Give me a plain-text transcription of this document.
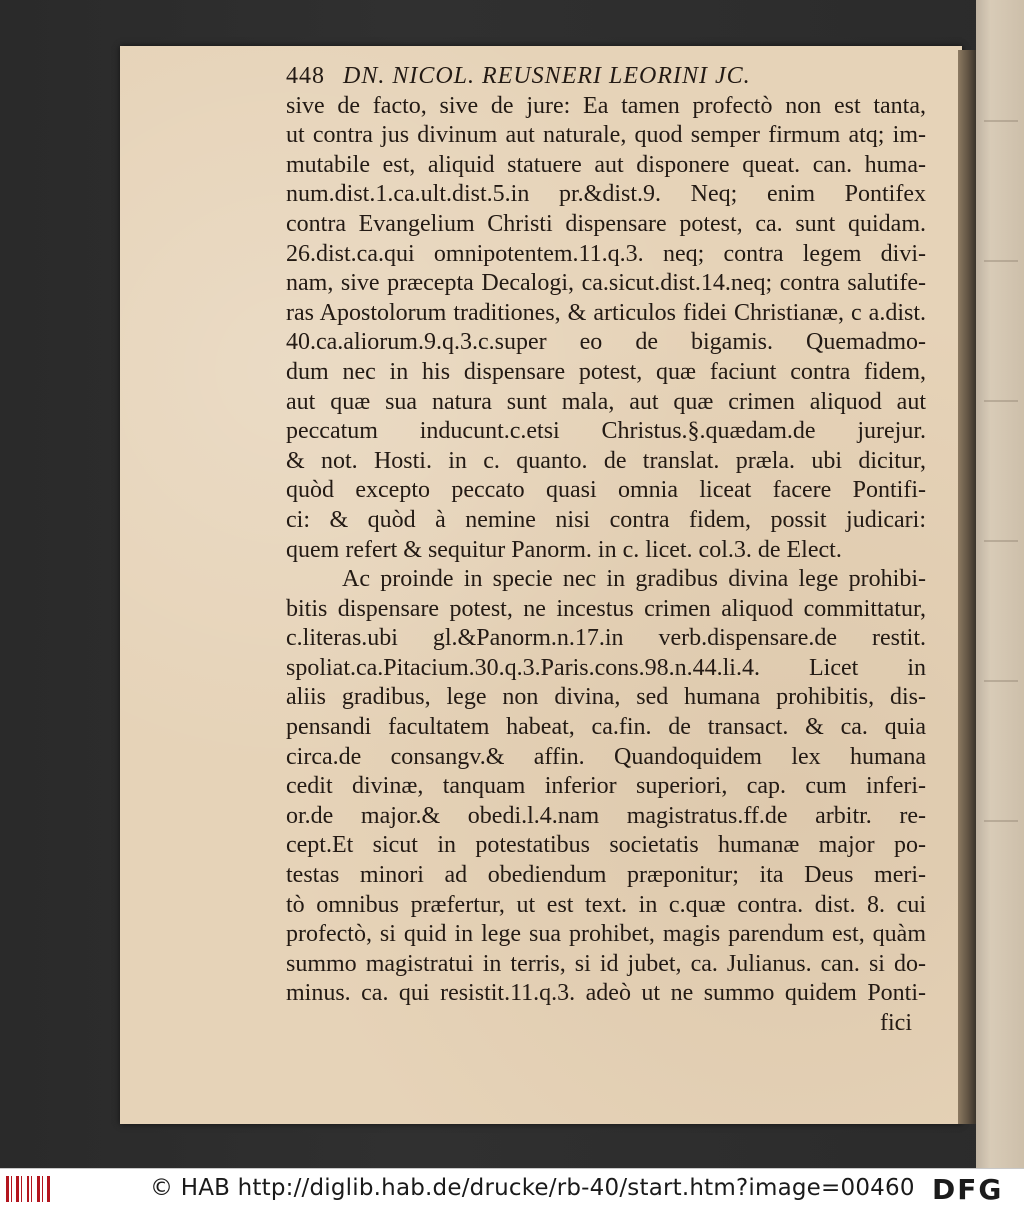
448 DN. NICOL. REUSNERI LEORINI JC.
sive de facto, sive de jure: Ea tamen profectò non est tanta,
ut contra jus divinum aut naturale, quod semper firmum atq; im-
mutabile est, aliquid statuere aut disponere queat. can. huma-
num.dist.1.ca.ult.dist.5.in pr.&dist.9. Neq; enim Pontifex
contra Evangelium Christi dispensare potest, ca. sunt quidam.
26.dist.ca.qui omnipotentem.11.q.3. neq; contra legem divi-
nam, sive præcepta Decalogi, ca.sicut.dist.14.neq; contra salutife-
ras Apostolorum traditiones, & articulos fidei Christianæ, c a.dist.
40.ca.aliorum.9.q.3.c.super eo de bigamis. Quemadmo-
dum nec in his dispensare potest, quæ faciunt contra fidem,
aut quæ sua natura sunt mala, aut quæ crimen aliquod aut
peccatum inducunt.c.etsi Christus.§.quædam.de jurejur.
& not. Hosti. in c. quanto. de translat. præla. ubi dicitur,
quòd excepto peccato quasi omnia liceat facere Pontifi-
ci: & quòd à nemine nisi contra fidem, possit judicari:
quem refert & sequitur Panorm. in c. licet. col.3. de Elect.
Ac proinde in specie nec in gradibus divina lege prohibi-
bitis dispensare potest, ne incestus crimen aliquod committatur,
c.literas.ubi gl.&Panorm.n.17.in verb.dispensare.de restit.
spoliat.ca.Pitacium.30.q.3.Paris.cons.98.n.44.li.4. Licet in
aliis gradibus, lege non divina, sed humana prohibitis, dis-
pensandi facultatem habeat, ca.fin. de transact. & ca. quia
circa.de consangv.& affin. Quandoquidem lex humana
cedit divinæ, tanquam inferior superiori, cap. cum inferi-
or.de major.& obedi.l.4.nam magistratus.ff.de arbitr. re-
cept.Et sicut in potestatibus societatis humanæ major po-
testas minori ad obediendum præponitur; ita Deus meri-
tò omnibus præfertur, ut est text. in c.quæ contra. dist. 8. cui
profectò, si quid in lege sua prohibet, magis parendum est, quàm
summo magistratui in terris, si id jubet, ca. Julianus. can. si do-
minus. ca. qui resistit.11.q.3. adeò ut ne summo quidem Ponti-
fici
© HAB http://diglib.hab.de/drucke/rb-40/start.htm?image=00460 DFG
